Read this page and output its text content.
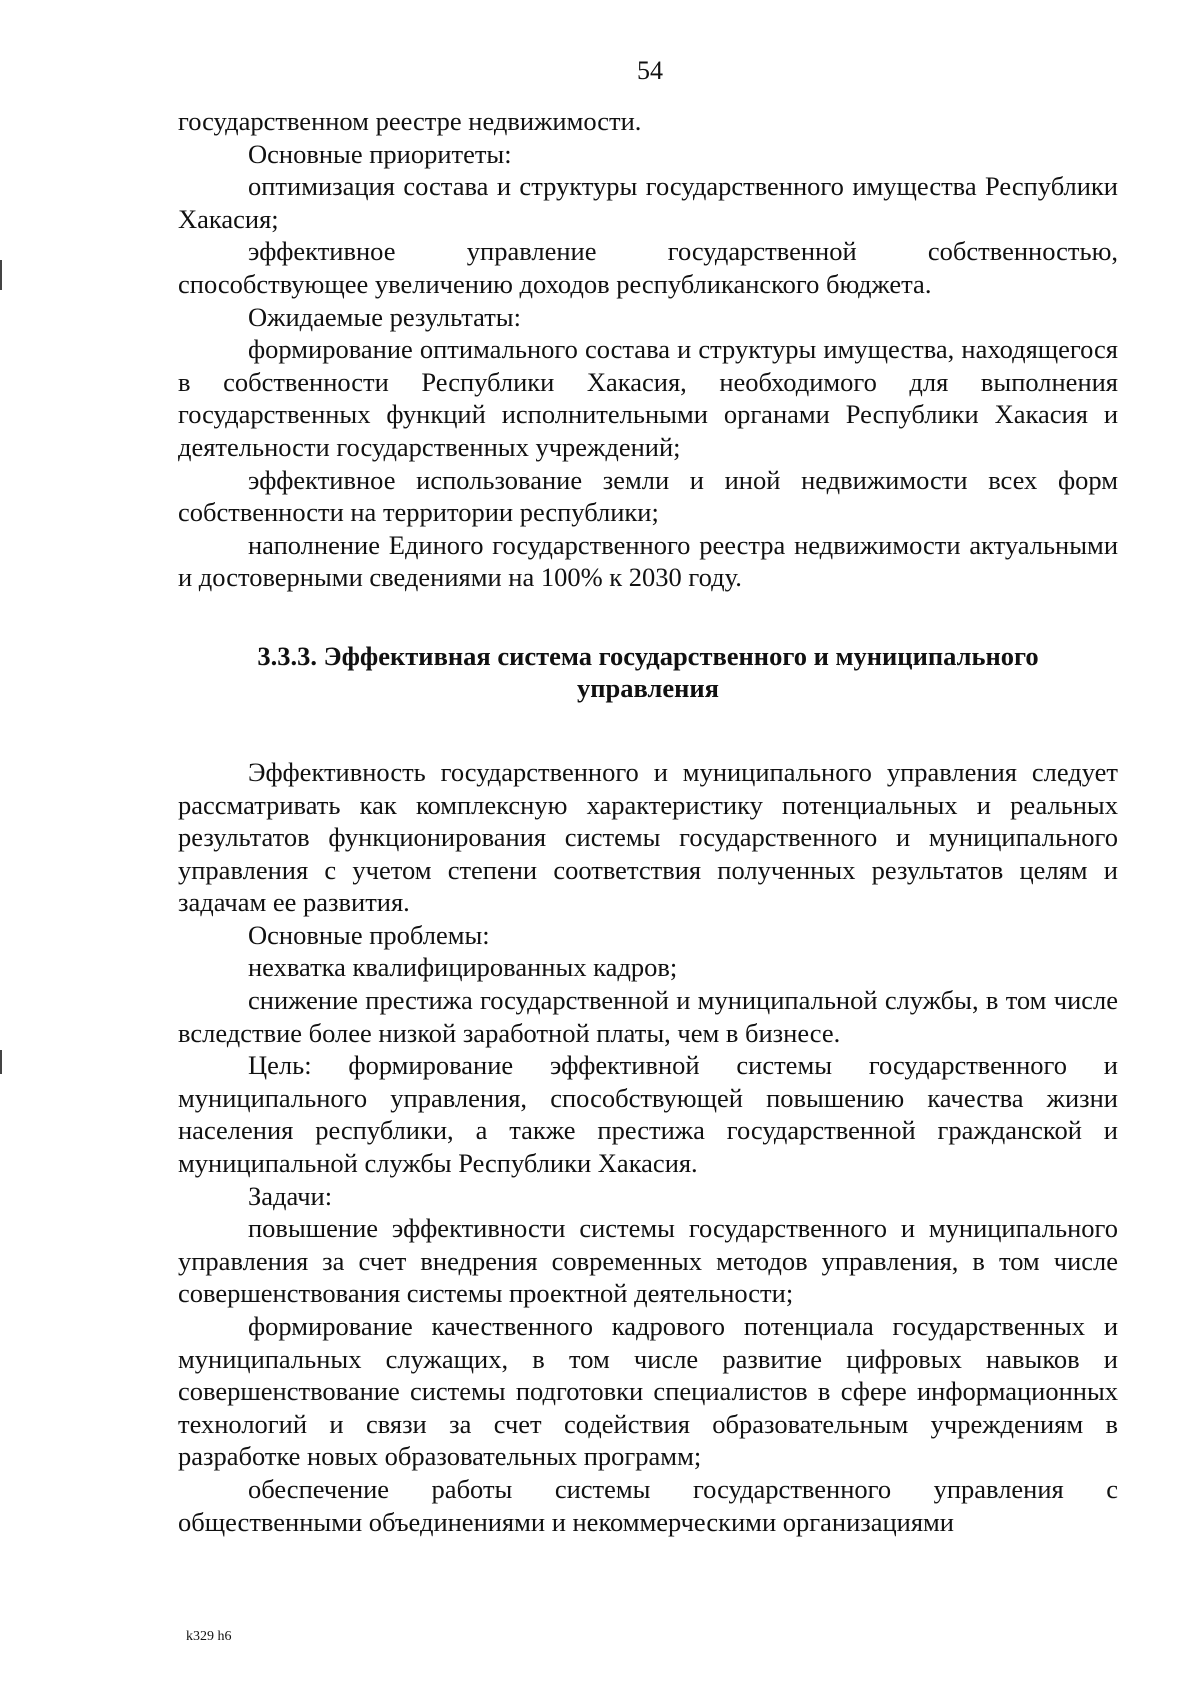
54

государственном реестре недвижимости.

Основные приоритеты:

оптимизация состава и структуры государственного имущества Республики Хакасия;

эффективное управление государственной собственностью, способствующее увеличению доходов республиканского бюджета.

Ожидаемые результаты:

формирование оптимального состава и структуры имущества, находящегося в собственности Республики Хакасия, необходимого для выполнения государственных функций исполнительными органами Республики Хакасия и деятельности государственных учреждений;

эффективное использование земли и иной недвижимости всех форм собственности на территории республики;

наполнение Единого государственного реестра недвижимости актуальными и достоверными сведениями на 100% к 2030 году.

3.3.3. Эффективная система государственного и муниципального управления

Эффективность государственного и муниципального управления следует рассматривать как комплексную характеристику потенциальных и реальных результатов функционирования системы государственного и муниципального управления с учетом степени соответствия полученных результатов целям и задачам ее развития.

Основные проблемы:

нехватка квалифицированных кадров;

снижение престижа государственной и муниципальной службы, в том числе вследствие более низкой заработной платы, чем в бизнесе.

Цель: формирование эффективной системы государственного и муниципального управления, способствующей повышению качества жизни населения республики, а также престижа государственной гражданской и муниципальной службы Республики Хакасия.

Задачи:

повышение эффективности системы государственного и муниципального управления за счет внедрения современных методов управления, в том числе совершенствования системы проектной деятельности;

формирование качественного кадрового потенциала государственных и муниципальных служащих, в том числе развитие цифровых навыков и совершенствование системы подготовки специалистов в сфере информационных технологий и связи за счет содействия образовательным учреждениям в разработке новых образовательных программ;

обеспечение работы системы государственного управления с общественными объединениями и некоммерческими организациями

k329 h6
